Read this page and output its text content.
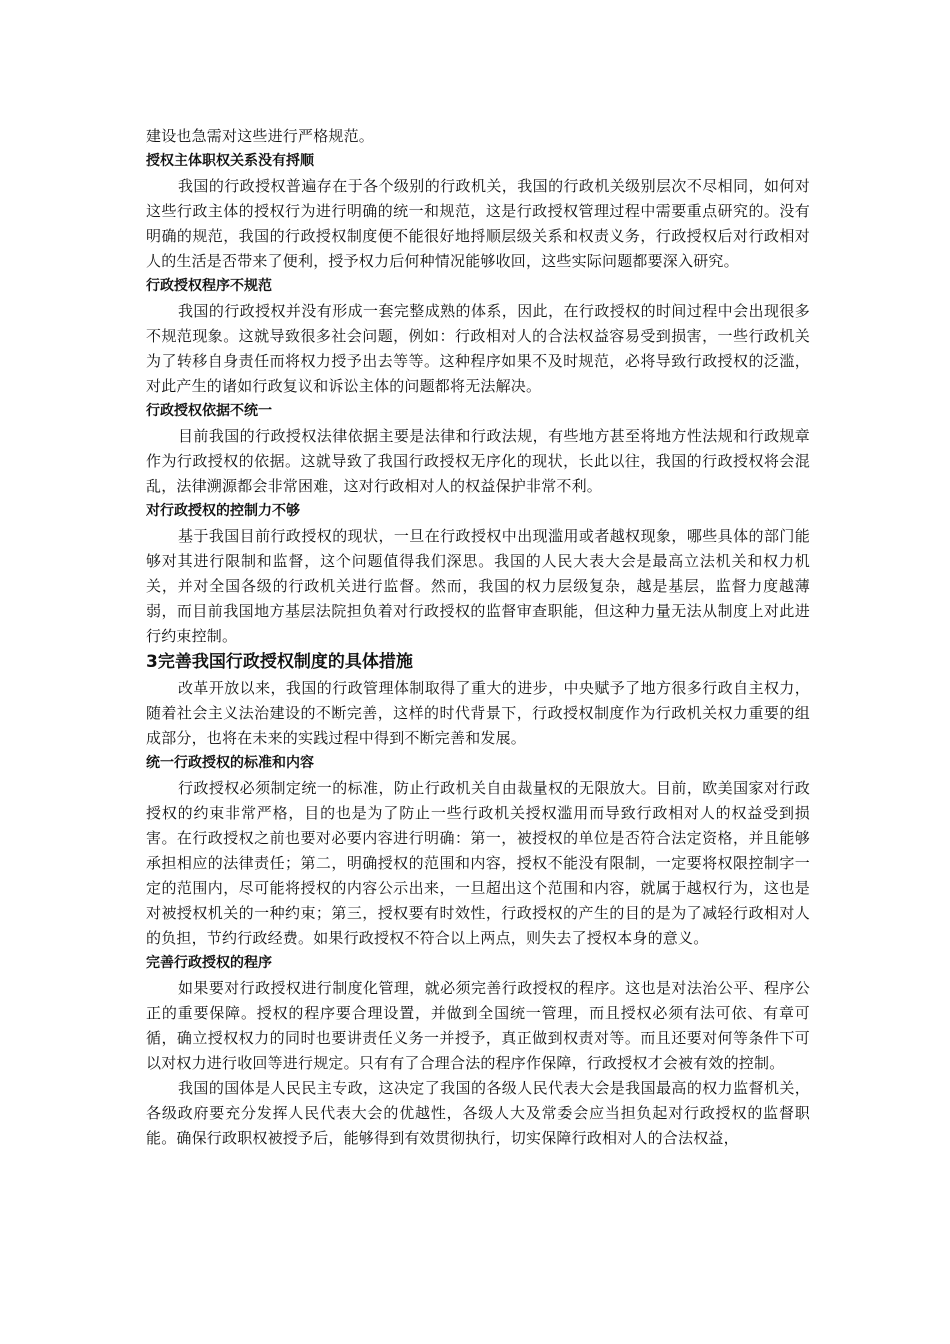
建设也急需对这些进行严格规范。

授权主体职权关系没有捋顺

我国的行政授权普遍存在于各个级别的行政机关，我国的行政机关级别层次不尽相同，如何对这些行政主体的授权行为进行明确的统一和规范，这是行政授权管理过程中需要重点研究的。没有明确的规范，我国的行政授权制度便不能很好地捋顺层级关系和权责义务，行政授权后对行政相对人的生活是否带来了便利，授予权力后何种情况能够收回，这些实际问题都要深入研究。

行政授权程序不规范

我国的行政授权并没有形成一套完整成熟的体系，因此，在行政授权的时间过程中会出现很多不规范现象。这就导致很多社会问题，例如：行政相对人的合法权益容易受到损害，一些行政机关为了转移自身责任而将权力授予出去等等。这种程序如果不及时规范，必将导致行政授权的泛滥，对此产生的诸如行政复议和诉讼主体的问题都将无法解决。

行政授权依据不统一

目前我国的行政授权法律依据主要是法律和行政法规，有些地方甚至将地方性法规和行政规章作为行政授权的依据。这就导致了我国行政授权无序化的现状，长此以往，我国的行政授权将会混乱，法律溯源都会非常困难，这对行政相对人的权益保护非常不利。

对行政授权的控制力不够

基于我国目前行政授权的现状，一旦在行政授权中出现滥用或者越权现象，哪些具体的部门能够对其进行限制和监督，这个问题值得我们深思。我国的人民大表大会是最高立法机关和权力机关，并对全国各级的行政机关进行监督。然而，我国的权力层级复杂，越是基层，监督力度越薄弱，而目前我国地方基层法院担负着对行政授权的监督审查职能，但这种力量无法从制度上对此进行约束控制。

3完善我国行政授权制度的具体措施

改革开放以来，我国的行政管理体制取得了重大的进步，中央赋予了地方很多行政自主权力，随着社会主义法治建设的不断完善，这样的时代背景下，行政授权制度作为行政机关权力重要的组成部分，也将在未来的实践过程中得到不断完善和发展。

统一行政授权的标准和内容

行政授权必须制定统一的标准，防止行政机关自由裁量权的无限放大。目前，欧美国家对行政授权的约束非常严格，目的也是为了防止一些行政机关授权滥用而导致行政相对人的权益受到损害。在行政授权之前也要对必要内容进行明确：第一，被授权的单位是否符合法定资格，并且能够承担相应的法律责任；第二，明确授权的范围和内容，授权不能没有限制，一定要将权限控制字一定的范围内，尽可能将授权的内容公示出来，一旦超出这个范围和内容，就属于越权行为，这也是对被授权机关的一种约束；第三，授权要有时效性，行政授权的产生的目的是为了减轻行政相对人的负担，节约行政经费。如果行政授权不符合以上两点，则失去了授权本身的意义。

完善行政授权的程序

如果要对行政授权进行制度化管理，就必须完善行政授权的程序。这也是对法治公平、程序公正的重要保障。授权的程序要合理设置，并做到全国统一管理，而且授权必须有法可依、有章可循，确立授权权力的同时也要讲责任义务一并授予，真正做到权责对等。而且还要对何等条件下可以对权力进行收回等进行规定。只有有了合理合法的程序作保障，行政授权才会被有效的控制。

我国的国体是人民民主专政，这决定了我国的各级人民代表大会是我国最高的权力监督机关，各级政府要充分发挥人民代表大会的优越性，各级人大及常委会应当担负起对行政授权的监督职能。确保行政职权被授予后，能够得到有效贯彻执行，切实保障行政相对人的合法权益，
